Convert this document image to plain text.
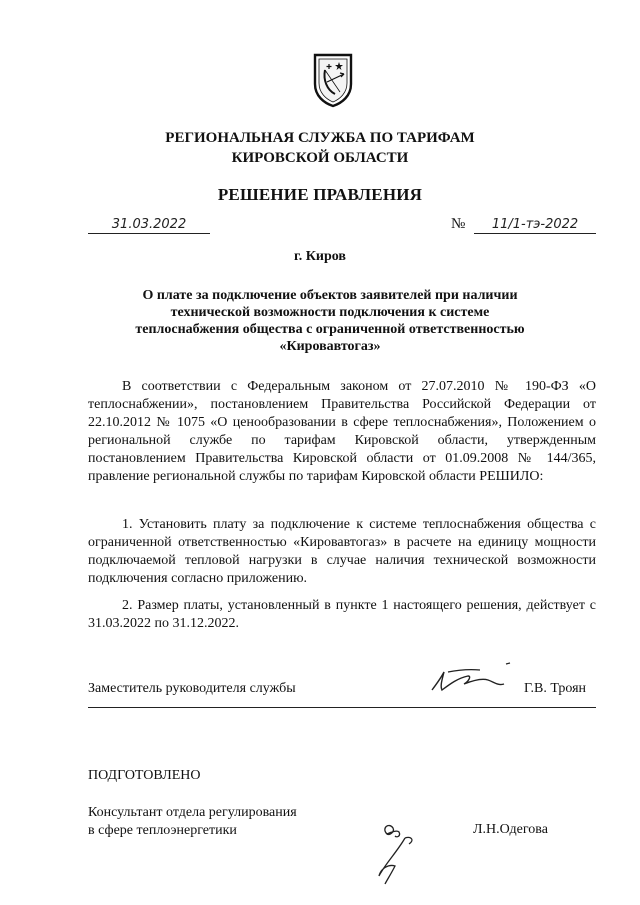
РЕГИОНАЛЬНАЯ СЛУЖБА ПО ТАРИФАМ
КИРОВСКОЙ ОБЛАСТИ
РЕШЕНИЕ ПРАВЛЕНИЯ
31.03.2022	№	11/1-тэ-2022
г. Киров
О плате за подключение объектов заявителей при наличии
технической возможности подключения к системе
теплоснабжения общества с ограниченной ответственностью
«Кировавтогаз»
В соответствии с Федеральным законом от 27.07.2010 № 190-ФЗ «О теплоснабжении», постановлением Правительства Российской Федерации от 22.10.2012 № 1075 «О ценообразовании в сфере теплоснабжения», Положением о региональной службе по тарифам Кировской области, утвержденным постановлением Правительства Кировской области от 01.09.2008 № 144/365, правление региональной службы по тарифам Кировской области РЕШИЛО:
1. Установить плату за подключение к системе теплоснабжения общества с ограниченной ответственностью «Кировавтогаз» в расчете на единицу мощности подключаемой тепловой нагрузки в случае наличия технической возможности подключения согласно приложению.
2. Размер платы, установленный в пункте 1 настоящего решения, действует с 31.03.2022 по 31.12.2022.
Заместитель руководителя службы	Г.В. Троян
ПОДГОТОВЛЕНО
Консультант отдела регулирования
в сфере теплоэнергетики	Л.Н.Одегова
